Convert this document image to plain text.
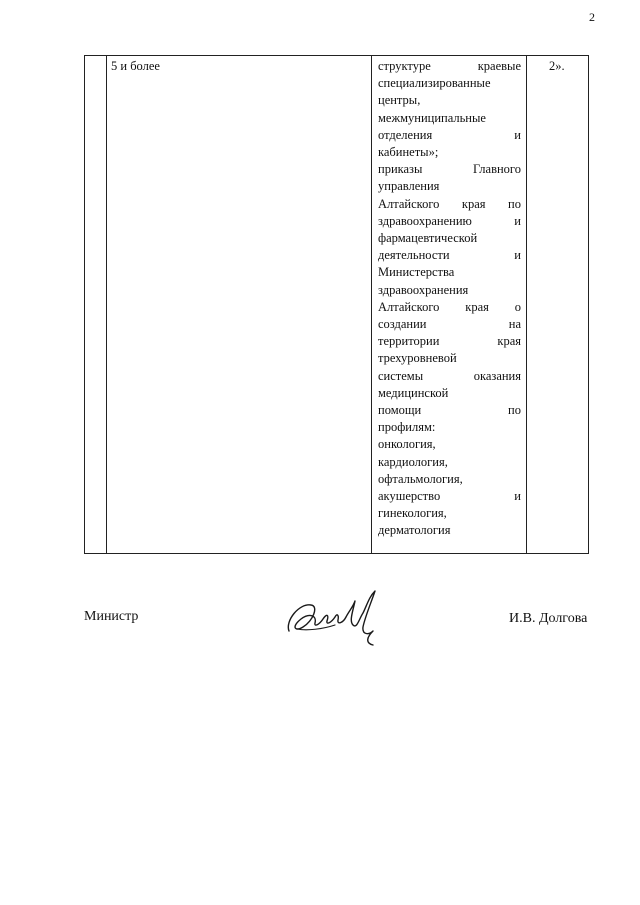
2
5 и более	структуре краевые
специализированные
центры,
межмуниципальные
отделения и
кабинеты»;
приказы Главного
управления
Алтайского края по
здравоохранению и
фармацевтической
деятельности и
Министерства
здравоохранения
Алтайского края о
создании на
территории края
трехуровневой
системы оказания
медицинской
помощи по
профилям:
онкология,
кардиология,
офтальмология,
акушерство и
гинекология,
дерматология
2».
Министр	И.В. Долгова
